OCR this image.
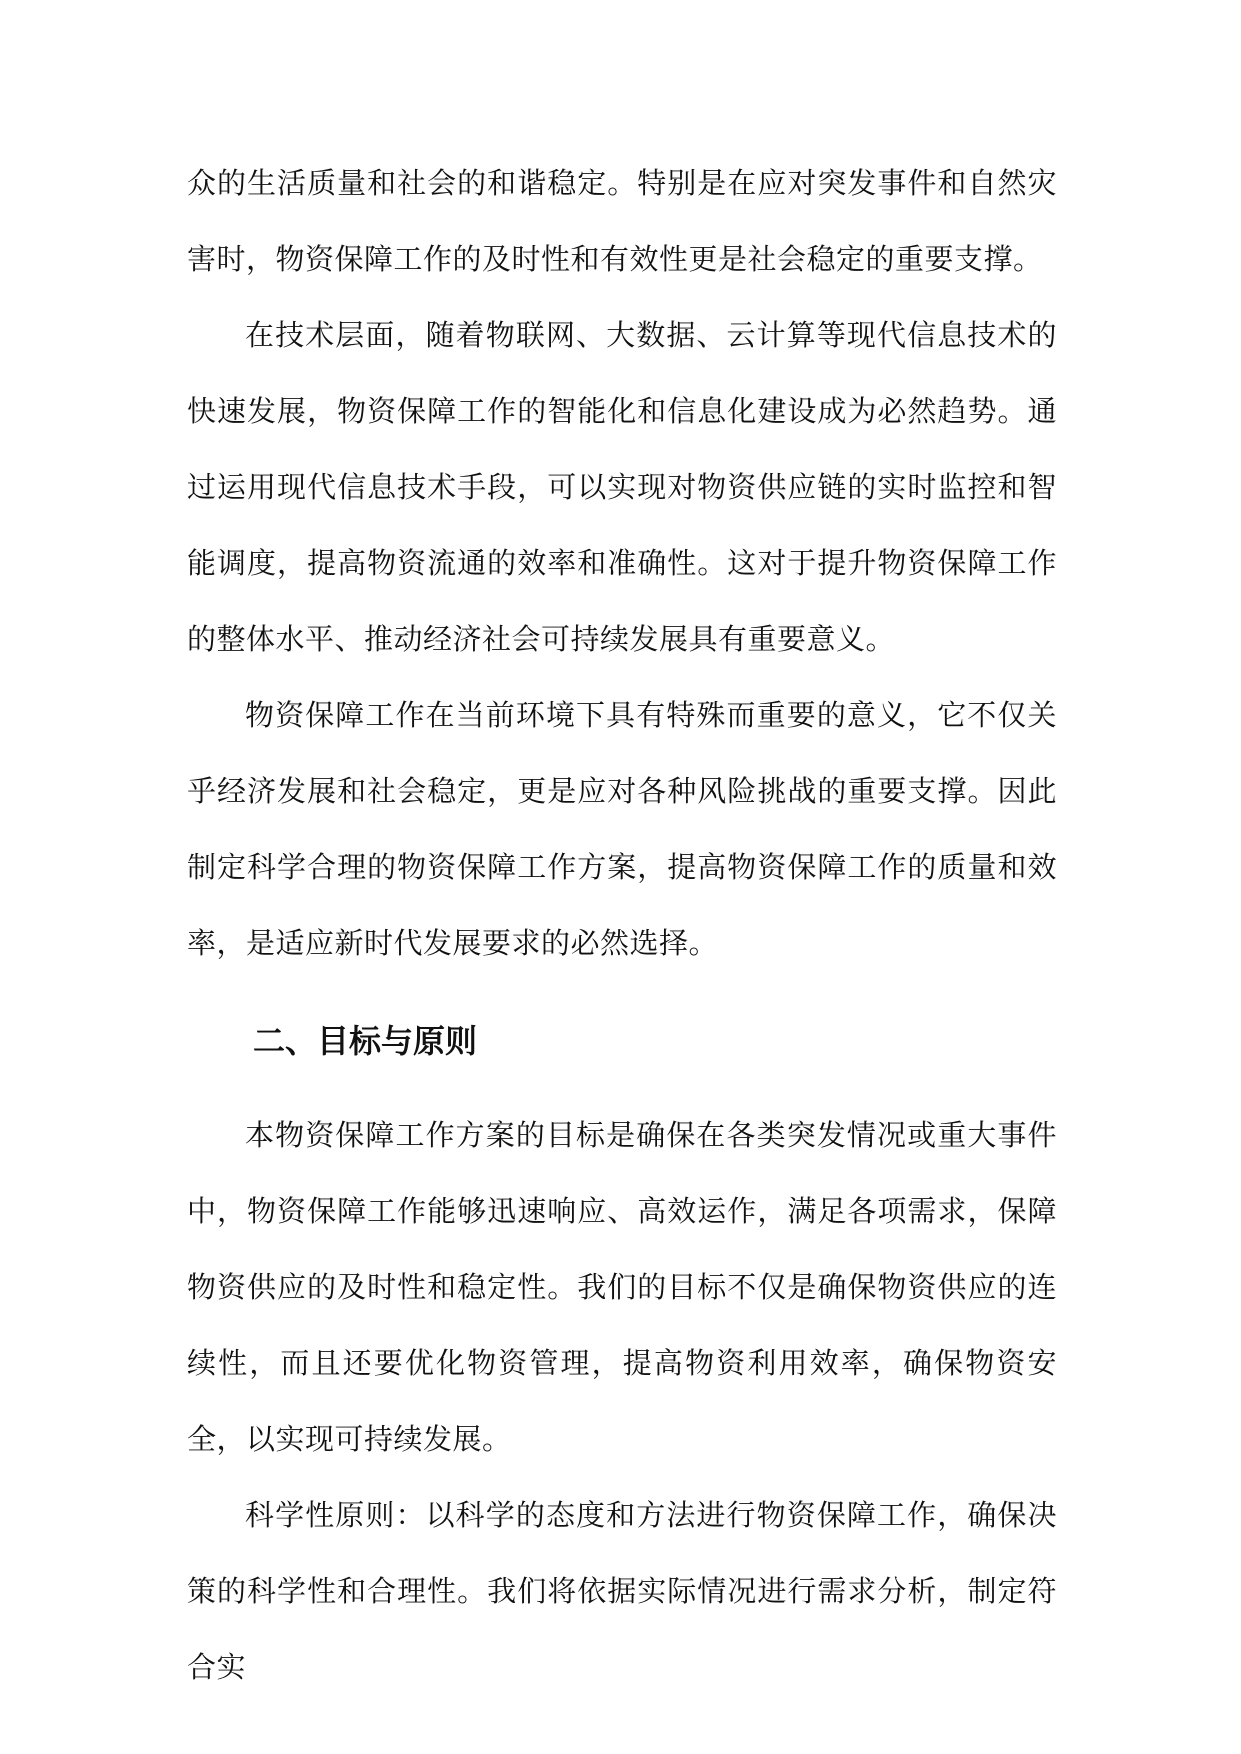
众的生活质量和社会的和谐稳定。特别是在应对突发事件和自然灾害时，物资保障工作的及时性和有效性更是社会稳定的重要支撑。

在技术层面，随着物联网、大数据、云计算等现代信息技术的快速发展，物资保障工作的智能化和信息化建设成为必然趋势。通过运用现代信息技术手段，可以实现对物资供应链的实时监控和智能调度，提高物资流通的效率和准确性。这对于提升物资保障工作的整体水平、推动经济社会可持续发展具有重要意义。

物资保障工作在当前环境下具有特殊而重要的意义，它不仅关乎经济发展和社会稳定，更是应对各种风险挑战的重要支撑。因此制定科学合理的物资保障工作方案，提高物资保障工作的质量和效率，是适应新时代发展要求的必然选择。

二、目标与原则

本物资保障工作方案的目标是确保在各类突发情况或重大事件中，物资保障工作能够迅速响应、高效运作，满足各项需求，保障物资供应的及时性和稳定性。我们的目标不仅是确保物资供应的连续性，而且还要优化物资管理，提高物资利用效率，确保物资安全，以实现可持续发展。

科学性原则：以科学的态度和方法进行物资保障工作，确保决策的科学性和合理性。我们将依据实际情况进行需求分析，制定符合实
